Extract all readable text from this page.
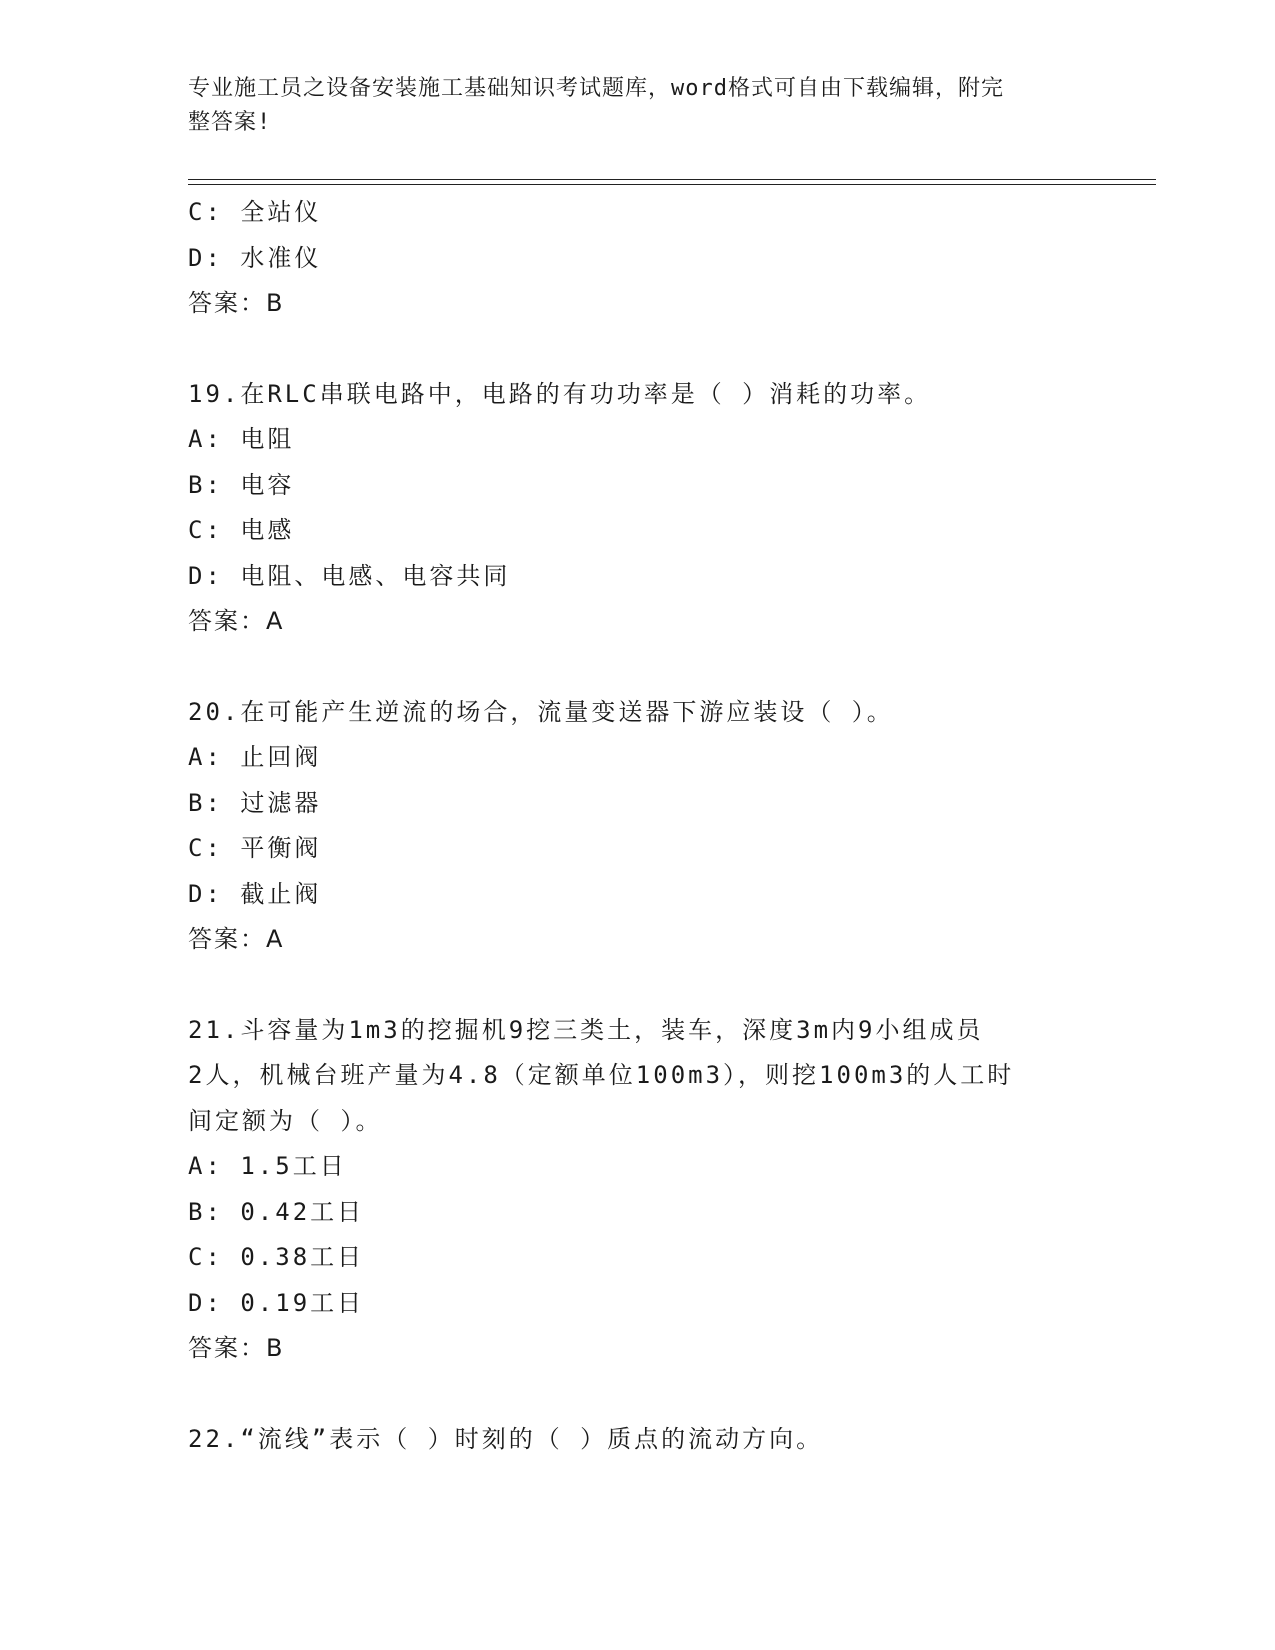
专业施工员之设备安装施工基础知识考试题库，word格式可自由下载编辑，附完
整答案!
C: 全站仪
D: 水准仪
答案：B
19.在RLC串联电路中，电路的有功功率是（ ）消耗的功率。
A: 电阻
B: 电容
C: 电感
D: 电阻、电感、电容共同
答案：A
20.在可能产生逆流的场合，流量变送器下游应装设（ ）。
A: 止回阀
B: 过滤器
C: 平衡阀
D: 截止阀
答案：A
21.斗容量为1m3的挖掘机9挖三类土，装车，深度3m内9小组成员
2人，机械台班产量为4.8（定额单位100m3），则挖100m3的人工时
间定额为（ ）。
A: 1.5工日
B: 0.42工日
C: 0.38工日
D: 0.19工日
答案：B
22.“流线”表示（ ）时刻的（ ）质点的流动方向。
